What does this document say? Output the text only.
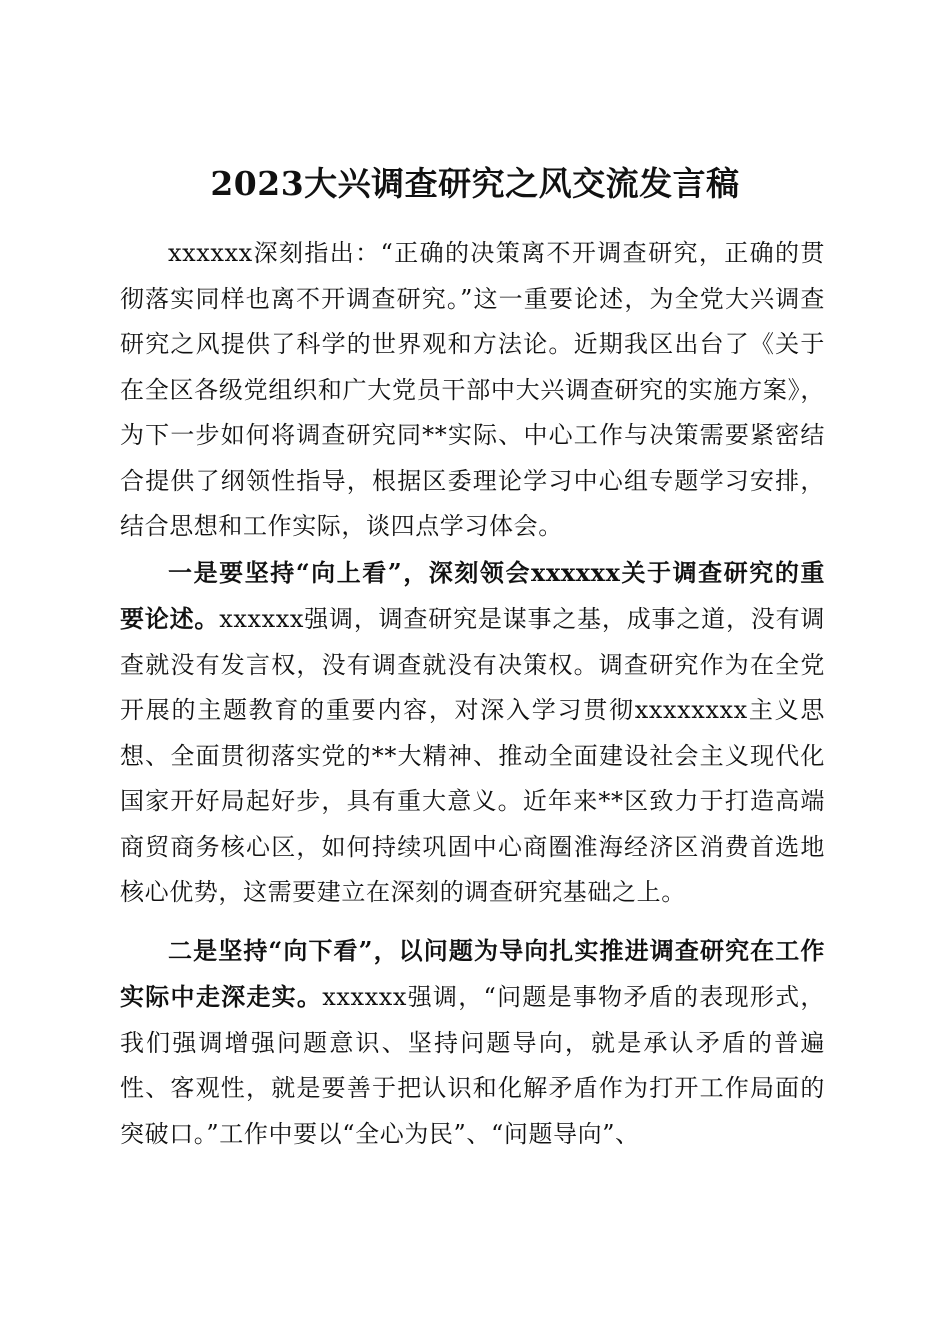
2023大兴调查研究之风交流发言稿

xxxxxx深刻指出：“正确的决策离不开调查研究，正确的贯彻落实同样也离不开调查研究。”这一重要论述，为全党大兴调查研究之风提供了科学的世界观和方法论。近期我区出台了《关于在全区各级党组织和广大党员干部中大兴调查研究的实施方案》，为下一步如何将调查研究同**实际、中心工作与决策需要紧密结合提供了纲领性指导，根据区委理论学习中心组专题学习安排，结合思想和工作实际，谈四点学习体会。

一是要坚持“向上看”，深刻领会xxxxxx关于调查研究的重要论述。xxxxxx强调，调查研究是谋事之基，成事之道，没有调查就没有发言权，没有调查就没有决策权。调查研究作为在全党开展的主题教育的重要内容，对深入学习贯彻xxxxxxxx主义思想、全面贯彻落实党的**大精神、推动全面建设社会主义现代化国家开好局起好步，具有重大意义。近年来**区致力于打造高端商贸商务核心区，如何持续巩固中心商圈淮海经济区消费首选地核心优势，这需要建立在深刻的调查研究基础之上。

二是坚持“向下看”，以问题为导向扎实推进调查研究在工作实际中走深走实。xxxxxx强调，“问题是事物矛盾的表现形式，我们强调增强问题意识、坚持问题导向，就是承认矛盾的普遍性、客观性，就是要善于把认识和化解矛盾作为打开工作局面的突破口。”工作中要以“全心为民”、“问题导向”、
